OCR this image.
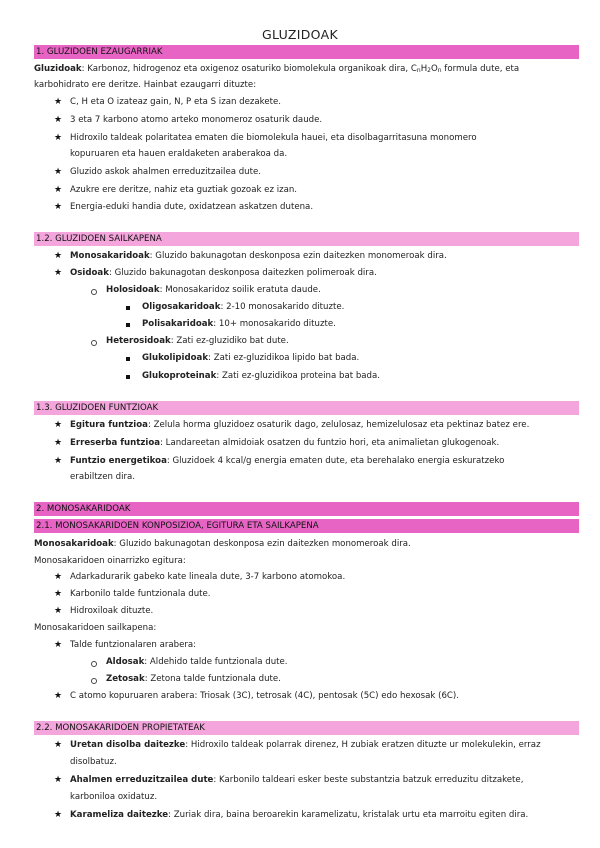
GLUZIDOAK
1. GLUZIDOEN EZAUGARRIAK
Gluzidoak: Karbonoz, hidrogenoz eta oxigenoz osaturiko biomolekula organikoak dira, $C_nH_2O_n$ formula dute, eta
karbohidrato ere deritze. Hainbat ezaugarri dituzte:
★ C, H eta O izateaz gain, N, P eta S izan dezakete.
★ 3 eta 7 karbono atomo arteko monomeroz osaturik daude.
★ Hidroxilo taldeak polaritatea ematen die biomolekula hauei, eta disolbagarritasuna monomero
kopuruaren eta hauen eraldaketen araberakoa da.
★ Gluzido askok ahalmen erreduzitzailea dute.
★ Azukre ere deritze, nahiz eta guztiak gozoak ez izan.
★ Energia-eduki handia dute, oxidatzean askatzen dutena.
1.2. GLUZIDOEN SAILKAPENA
★ Monosakaridoak: Gluzido bakunagotan deskonposa ezin daitezken monomeroak dira.
★ Osidoak: Gluzido bakunagotan deskonposa daitezken polimeroak dira.
Holosidoak: Monosakaridoz soilik eratuta daude.
Oligosakaridoak: 2-10 monosakarido dituzte.
Polisakaridoak: 10+ monosakarido dituzte.
Heterosidoak: Zati ez-gluzidiko bat dute.
Glukolipidoak: Zati ez-gluzidikoa lipido bat bada.
Glukoproteinak: Zati ez-gluzidikoa proteina bat bada.
1.3. GLUZIDOEN FUNTZIOAK
★ Egitura funtzioa: Zelula horma gluzidoez osaturik dago, zelulosaz, hemizelulosaz eta pektinaz batez ere.
★ Erreserba funtzioa: Landareetan almidoiak osatzen du funtzio hori, eta animalietan glukogenoak.
★ Funtzio energetikoa: Gluzidoek 4 kcal/g energia ematen dute, eta berehalako energia eskuratzeko
erabiltzen dira.
2. MONOSAKARIDOAK
2.1. MONOSAKARIDOEN KONPOSIZIOA, EGITURA ETA SAILKAPENA
Monosakaridoak: Gluzido bakunagotan deskonposa ezin daitezken monomeroak dira.
Monosakaridoen oinarrizko egitura:
★ Adarkadurarik gabeko kate lineala dute, 3-7 karbono atomokoa.
★ Karbonilo talde funtzionala dute.
★ Hidroxiloak dituzte.
Monosakaridoen sailkapena:
★ Talde funtzionalaren arabera:
Aldosak: Aldehido talde funtzionala dute.
Zetosak: Zetona talde funtzionala dute.
★ C atomo kopuruaren arabera: Triosak (3C), tetrosak (4C), pentosak (5C) edo hexosak (6C).
2.2. MONOSAKARIDOEN PROPIETATEAK
★ Uretan disolba daitezke: Hidroxilo taldeak polarrak direnez, H zubiak eratzen dituzte ur molekulekin, erraz
disolbatuz.
★ Ahalmen erreduzitzailea dute: Karbonilo taldeari esker beste substantzia batzuk erreduzitu ditzakete,
karboniloa oxidatuz.
★ Karameliza daitezke: Zuriak dira, baina beroarekin karamelizatu, kristalak urtu eta marroitu egiten dira.
